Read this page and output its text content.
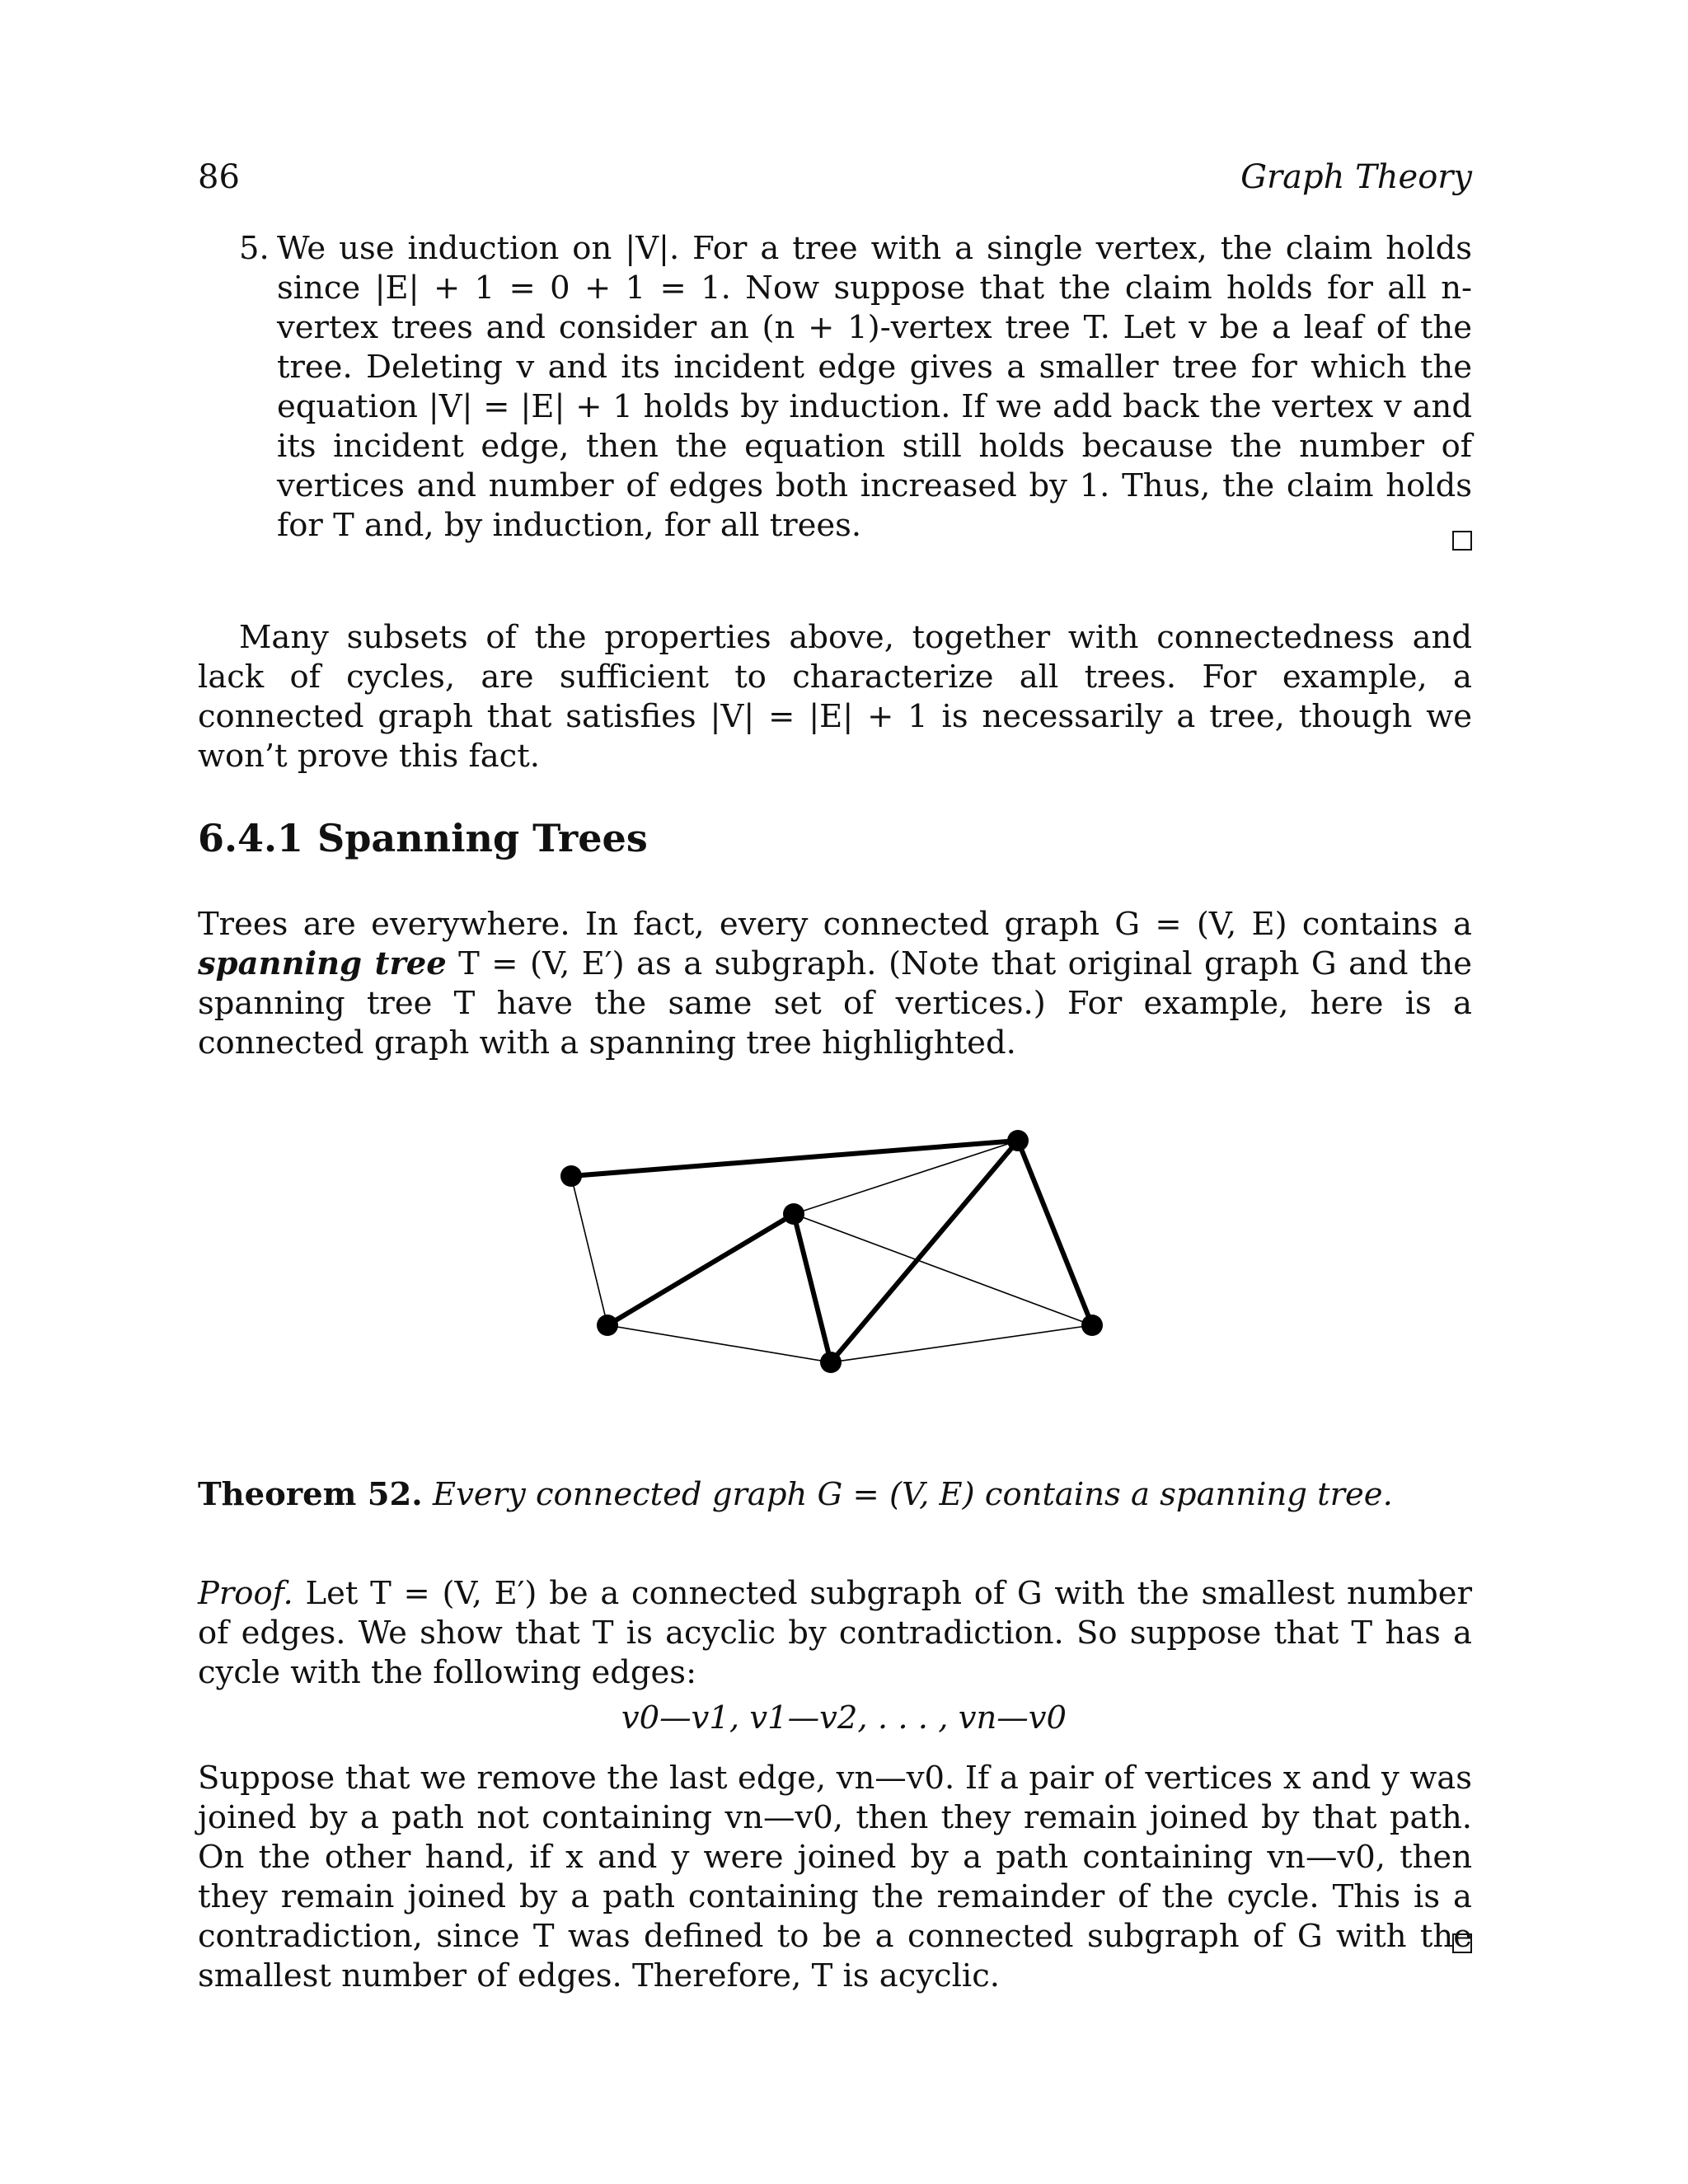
86	Graph Theory
5. We use induction on |V|. For a tree with a single vertex, the claim holds since |E| + 1 = 0 + 1 = 1. Now suppose that the claim holds for all n-vertex trees and consider an (n + 1)-vertex tree T. Let v be a leaf of the tree. Deleting v and its incident edge gives a smaller tree for which the equation |V| = |E| + 1 holds by induction. If we add back the vertex v and its incident edge, then the equation still holds because the number of vertices and number of edges both increased by 1. Thus, the claim holds for T and, by induction, for all trees.
Many subsets of the properties above, together with connectedness and lack of cycles, are sufficient to characterize all trees. For example, a connected graph that satisfies |V| = |E| + 1 is necessarily a tree, though we won’t prove this fact.
6.4.1 Spanning Trees
Trees are everywhere. In fact, every connected graph G = (V, E) contains a spanning tree T = (V, E′) as a subgraph. (Note that original graph G and the spanning tree T have the same set of vertices.) For example, here is a connected graph with a spanning tree highlighted.
Theorem 52. Every connected graph G = (V, E) contains a spanning tree.
Proof. Let T = (V, E′) be a connected subgraph of G with the smallest number of edges. We show that T is acyclic by contradiction. So suppose that T has a cycle with the following edges:
v0—v1, v1—v2, . . . , vn—v0
Suppose that we remove the last edge, vn—v0. If a pair of vertices x and y was joined by a path not containing vn—v0, then they remain joined by that path. On the other hand, if x and y were joined by a path containing vn—v0, then they remain joined by a path containing the remainder of the cycle. This is a contradiction, since T was defined to be a connected subgraph of G with the smallest number of edges. Therefore, T is acyclic.
